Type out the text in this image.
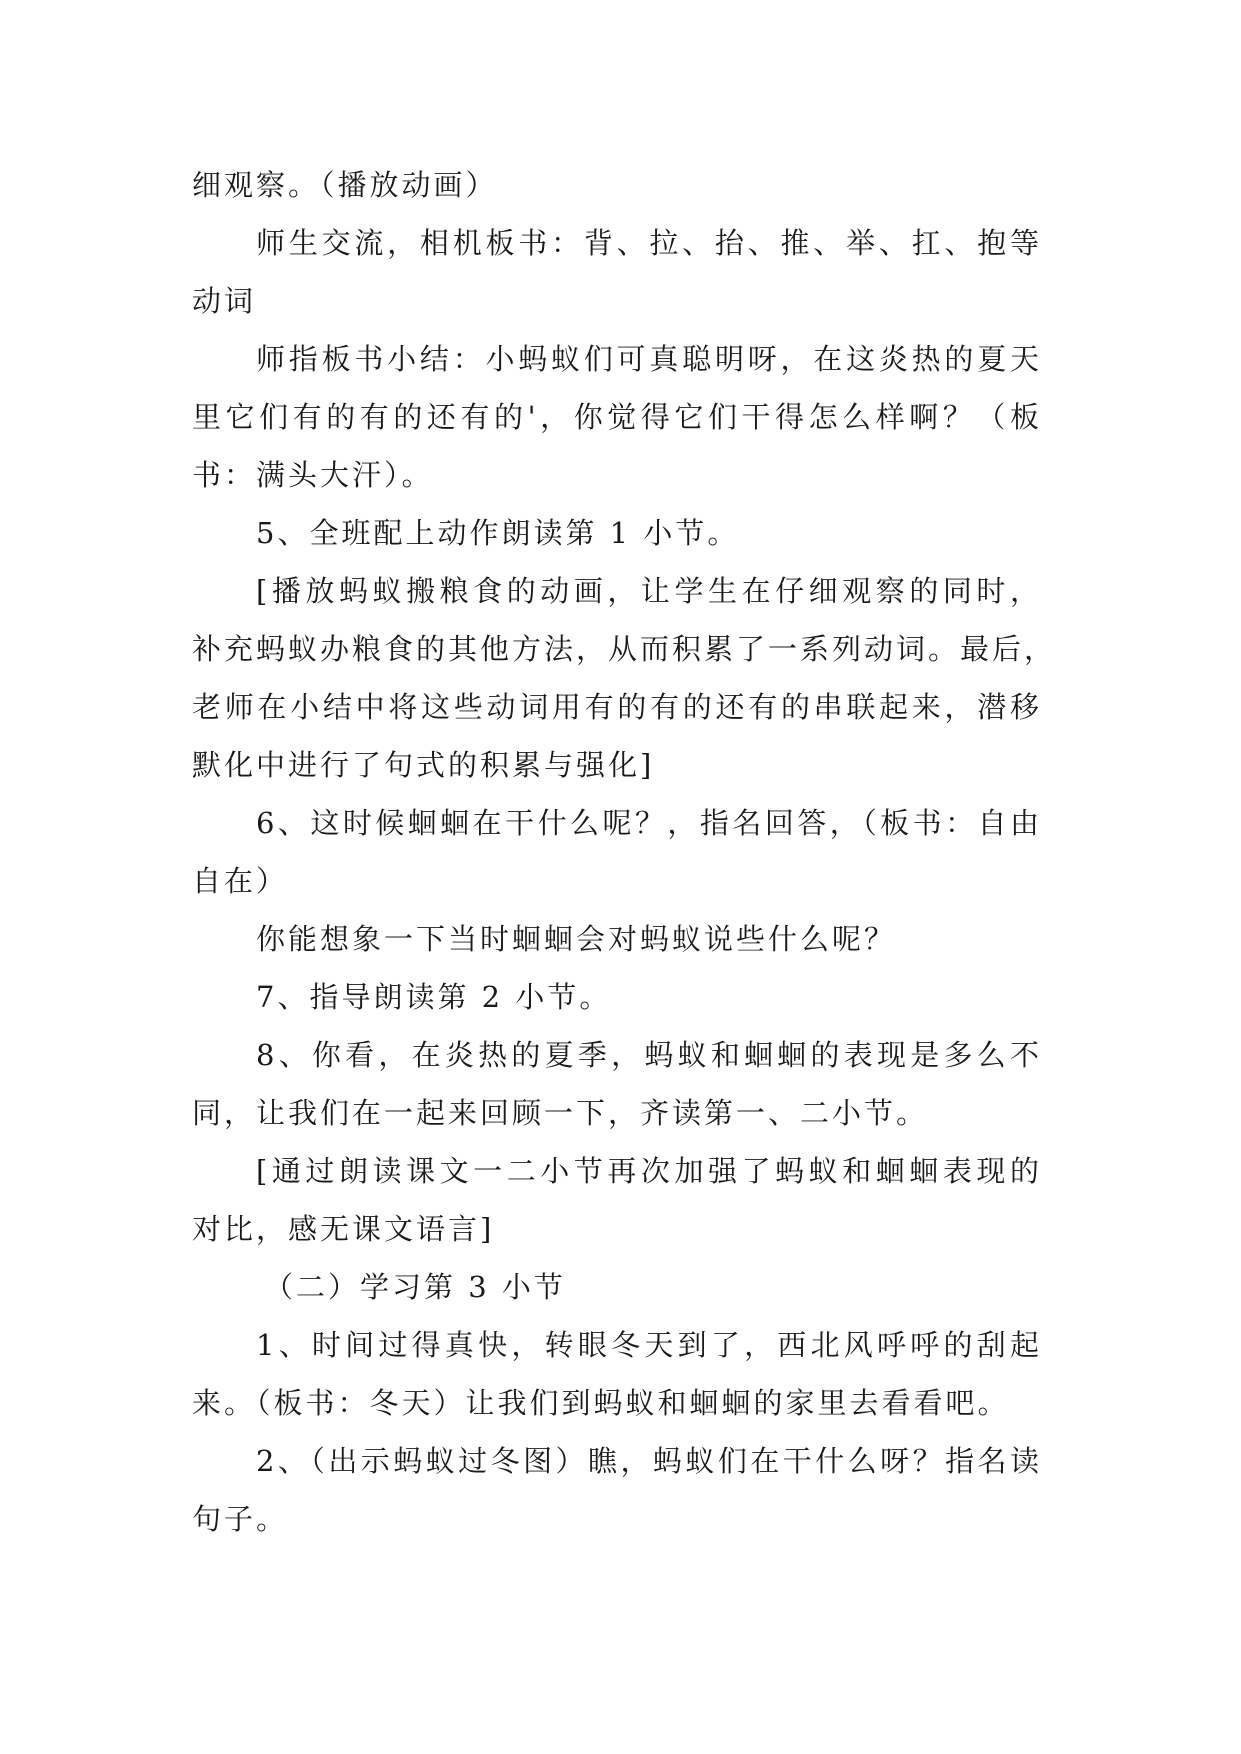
细观察。（播放动画）
师生交流，相机板书：背、拉、抬、推、举、扛、抱等
动词
师指板书小结：小蚂蚁们可真聪明呀，在这炎热的夏天
里它们有的有的还有的'，你觉得它们干得怎么样啊？（板
书：满头大汗）。
5、全班配上动作朗读第 1 小节。
[播放蚂蚁搬粮食的动画，让学生在仔细观察的同时，
补充蚂蚁办粮食的其他方法，从而积累了一系列动词。最后，
老师在小结中将这些动词用有的有的还有的串联起来，潜移
默化中进行了句式的积累与强化]
6、这时候蛔蛔在干什么呢？，指名回答，（板书：自由
自在）
你能想象一下当时蛔蛔会对蚂蚁说些什么呢？
7、指导朗读第 2 小节。
8、你看，在炎热的夏季，蚂蚁和蛔蛔的表现是多么不
同，让我们在一起来回顾一下，齐读第一、二小节。
[通过朗读课文一二小节再次加强了蚂蚁和蛔蛔表现的
对比，感无课文语言]
（二）学习第 3 小节
1、时间过得真快，转眼冬天到了，西北风呼呼的刮起
来。（板书：冬天）让我们到蚂蚁和蛔蛔的家里去看看吧。
2、（出示蚂蚁过冬图）瞧，蚂蚁们在干什么呀？指名读
句子。
